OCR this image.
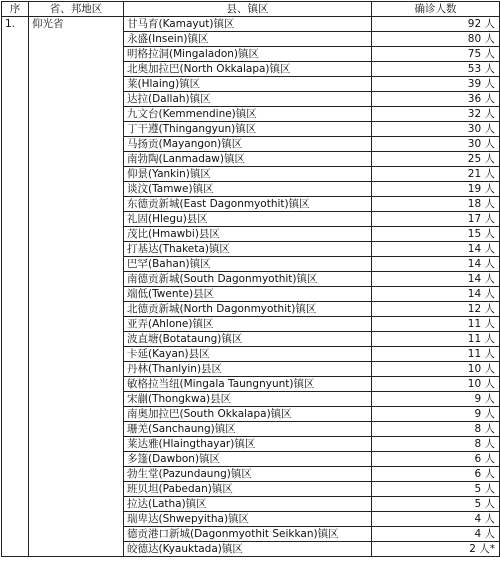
序	省、邦地区	县、镇区	确诊人数
1.	仰光省	甘马育(Kamayut)镇区	92 人
		永盛(Insein)镇区	80 人
		明格拉洞(Mingaladon)镇区	75 人
		北奥加拉巴(North Okkalapa)镇区	53 人
		莱(Hlaing)镇区	39 人
		达拉(Dallah)镇区	36 人
		九文台(Kemmendine)镇区	32 人
		丁干遵(Thingangyun)镇区	30 人
		马扬贡(Mayangon)镇区	30 人
		南勃陶(Lanmadaw)镇区	25 人
		仰景(Yankin)镇区	21 人
		谈汶(Tamwe)镇区	19 人
		东德贡新城(East Dagonmyothit)镇区	18 人
		礼固(Hlegu)县区	17 人
		茂比(Hmawbi)县区	15 人
		打基达(Thaketa)镇区	14 人
		巴罕(Bahan)镇区	14 人
		南德贡新城(South Dagonmyothit)镇区	14 人
		端低(Twente)县区	14 人
		北德贡新城(North Dagonmyothit)镇区	12 人
		亚弄(Ahlone)镇区	11 人
		波直塘(Botataung)镇区	11 人
		卡延(Kayan)县区	11 人
		丹林(Thanlyin)县区	10 人
		敏格拉当纽(Mingala Taungnyunt)镇区	10 人
		宋剻(Thongkwa)县区	9 人
		南奥加拉巴(South Okkalapa)镇区	9 人
		珊羌(Sanchaung)镇区	8 人
		莱达雅(Hlaingthayar)镇区	8 人
		多篷(Dawbon)镇区	6 人
		勃生堂(Pazundaung)镇区	6 人
		班贝坦(Pabedan)镇区	5 人
		拉达(Latha)镇区	5 人
		瑞卑达(Shwepyitha)镇区	4 人
		德贡港口新城(Dagonmyothit Seikkan)镇区	4 人
		皎德达(Kyauktada)镇区	2 人*
